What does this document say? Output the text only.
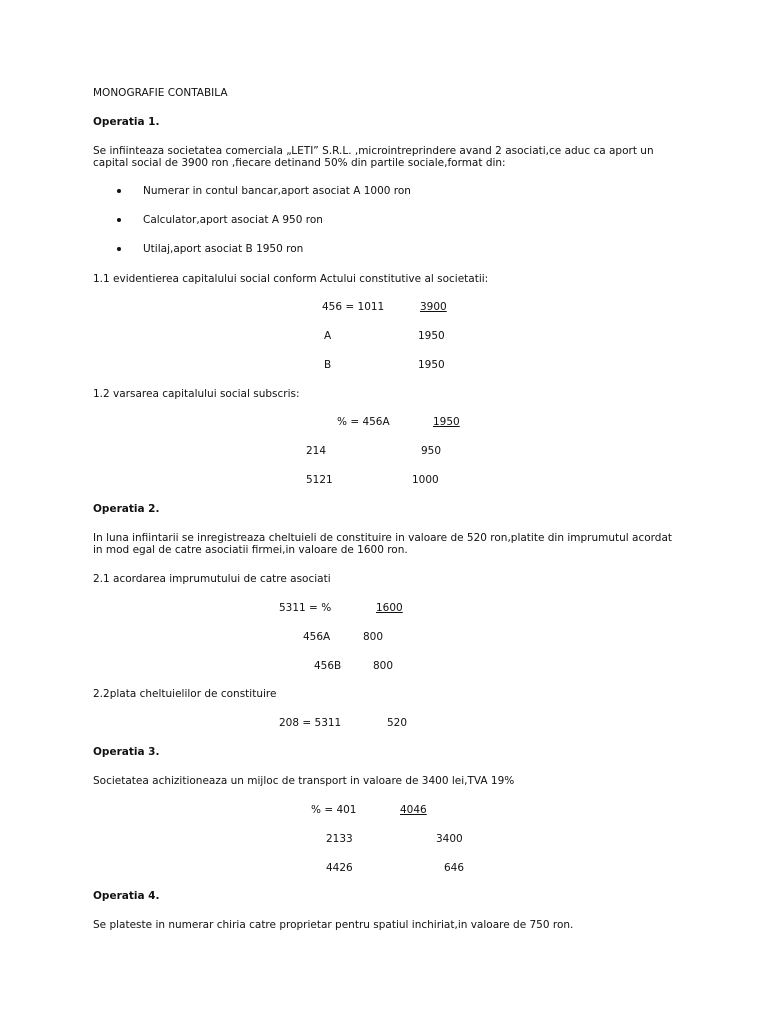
MONOGRAFIE CONTABILA
Operatia 1.
Se infiinteaza societatea comerciala „LETI” S.R.L. ,microintreprindere avand 2 asociati,ce aduc ca aport un
capital social de 3900 ron ,fiecare detinand 50% din partile sociale,format din:
Numerar in contul bancar,aport asociat A 1000 ron
Calculator,aport asociat A 950 ron
Utilaj,aport asociat B 1950 ron
1.1 evidentierea capitalului social conform Actului constitutive al societatii:
456 = 1011	3900
A	1950
B	1950
1.2 varsarea capitalului social subscris:
% = 456A	1950
214	950
5121	1000
Operatia 2.
In luna infiintarii se inregistreaza cheltuieli de constituire in valoare de 520 ron,platite din imprumutul acordat
in mod egal de catre asociatii firmei,in valoare de 1600 ron.
2.1 acordarea imprumutului de catre asociati
5311 = %	1600
456A	800
456B	800
2.2plata cheltuielilor de constituire
208 = 5311	520
Operatia 3.
Societatea achizitioneaza un mijloc de transport in valoare de 3400 lei,TVA 19%
% = 401	4046
2133	3400
4426	646
Operatia 4.
Se plateste in numerar chiria catre proprietar pentru spatiul inchiriat,in valoare de 750 ron.
